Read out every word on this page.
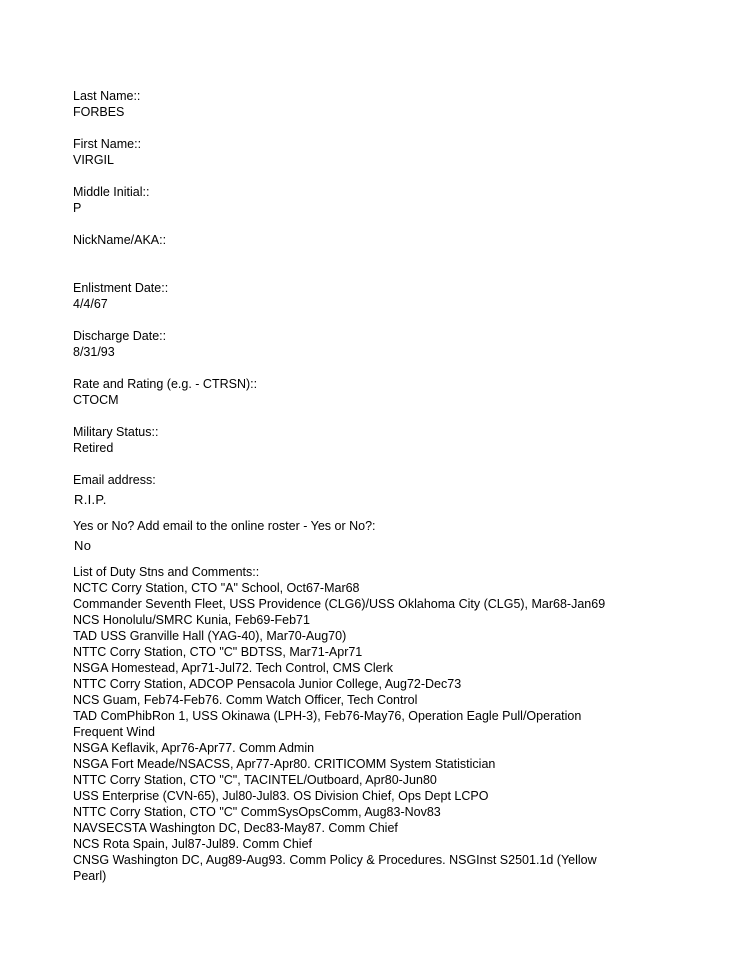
Last Name::
FORBES
First Name::
VIRGIL
Middle Initial::
P
NickName/AKA::

Enlistment Date::
4/4/67
Discharge Date::
8/31/93
Rate and Rating (e.g. - CTRSN)::
CTOCM
Military Status::
Retired
Email address:
R.I.P.
Yes or No? Add email to the online roster - Yes or No?:
No
List of Duty Stns and Comments::
NCTC Corry Station, CTO "A" School, Oct67-Mar68
Commander Seventh Fleet, USS Providence (CLG6)/USS Oklahoma City (CLG5), Mar68-Jan69
NCS Honolulu/SMRC Kunia, Feb69-Feb71
TAD USS Granville Hall (YAG-40), Mar70-Aug70)
NTTC Corry Station, CTO "C" BDTSS, Mar71-Apr71
NSGA Homestead, Apr71-Jul72. Tech Control, CMS Clerk
NTTC Corry Station, ADCOP Pensacola Junior College, Aug72-Dec73
NCS Guam, Feb74-Feb76. Comm Watch Officer, Tech Control
TAD ComPhibRon 1, USS Okinawa (LPH-3), Feb76-May76, Operation Eagle Pull/Operation Frequent Wind
NSGA Keflavik, Apr76-Apr77. Comm Admin
NSGA Fort Meade/NSACSS, Apr77-Apr80. CRITICOMM System Statistician
NTTC Corry Station, CTO "C", TACINTEL/Outboard, Apr80-Jun80
USS Enterprise (CVN-65), Jul80-Jul83. OS Division Chief, Ops Dept LCPO
NTTC Corry Station, CTO "C" CommSysOpsComm, Aug83-Nov83
NAVSECSTA Washington DC, Dec83-May87. Comm Chief
NCS Rota Spain, Jul87-Jul89. Comm Chief
CNSG Washington DC, Aug89-Aug93. Comm Policy & Procedures. NSGInst S2501.1d (Yellow Pearl)
